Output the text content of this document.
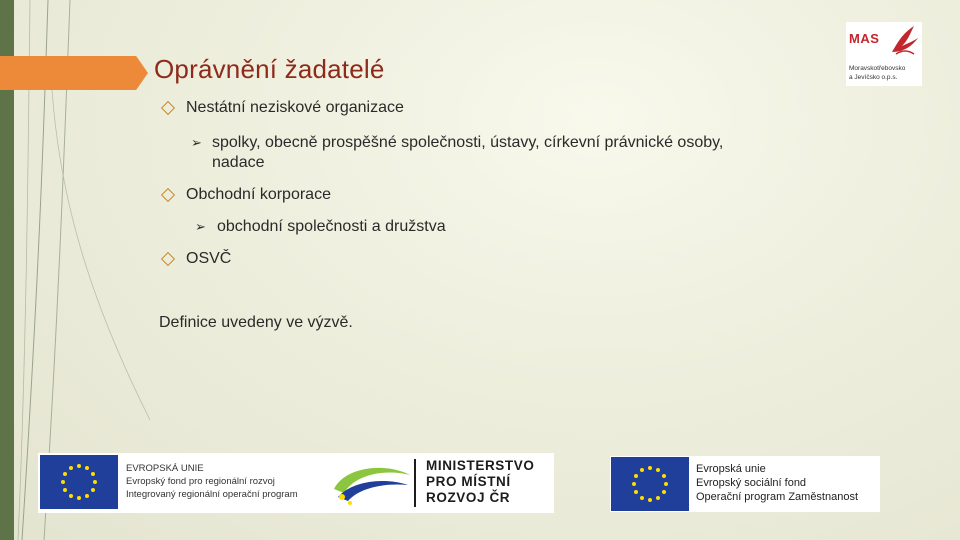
Oprávnění žadatelé
MAS
Moravskotřebovsko
a Jevíčsko o.p.s.
Nestátní neziskové organizace
➢ spolky, obecně prospěšné společnosti, ústavy, církevní právnické osoby,
nadace
Obchodní korporace
➢ obchodní společnosti a družstva
OSVČ
Definice uvedeny ve výzvě.
EVROPSKÁ UNIE
Evropský fond pro regionální rozvoj
Integrovaný regionální operační program
MINISTERSTVO
PRO MÍSTNÍ
ROZVOJ ČR
Evropská unie
Evropský sociální fond
Operační program Zaměstnanost
